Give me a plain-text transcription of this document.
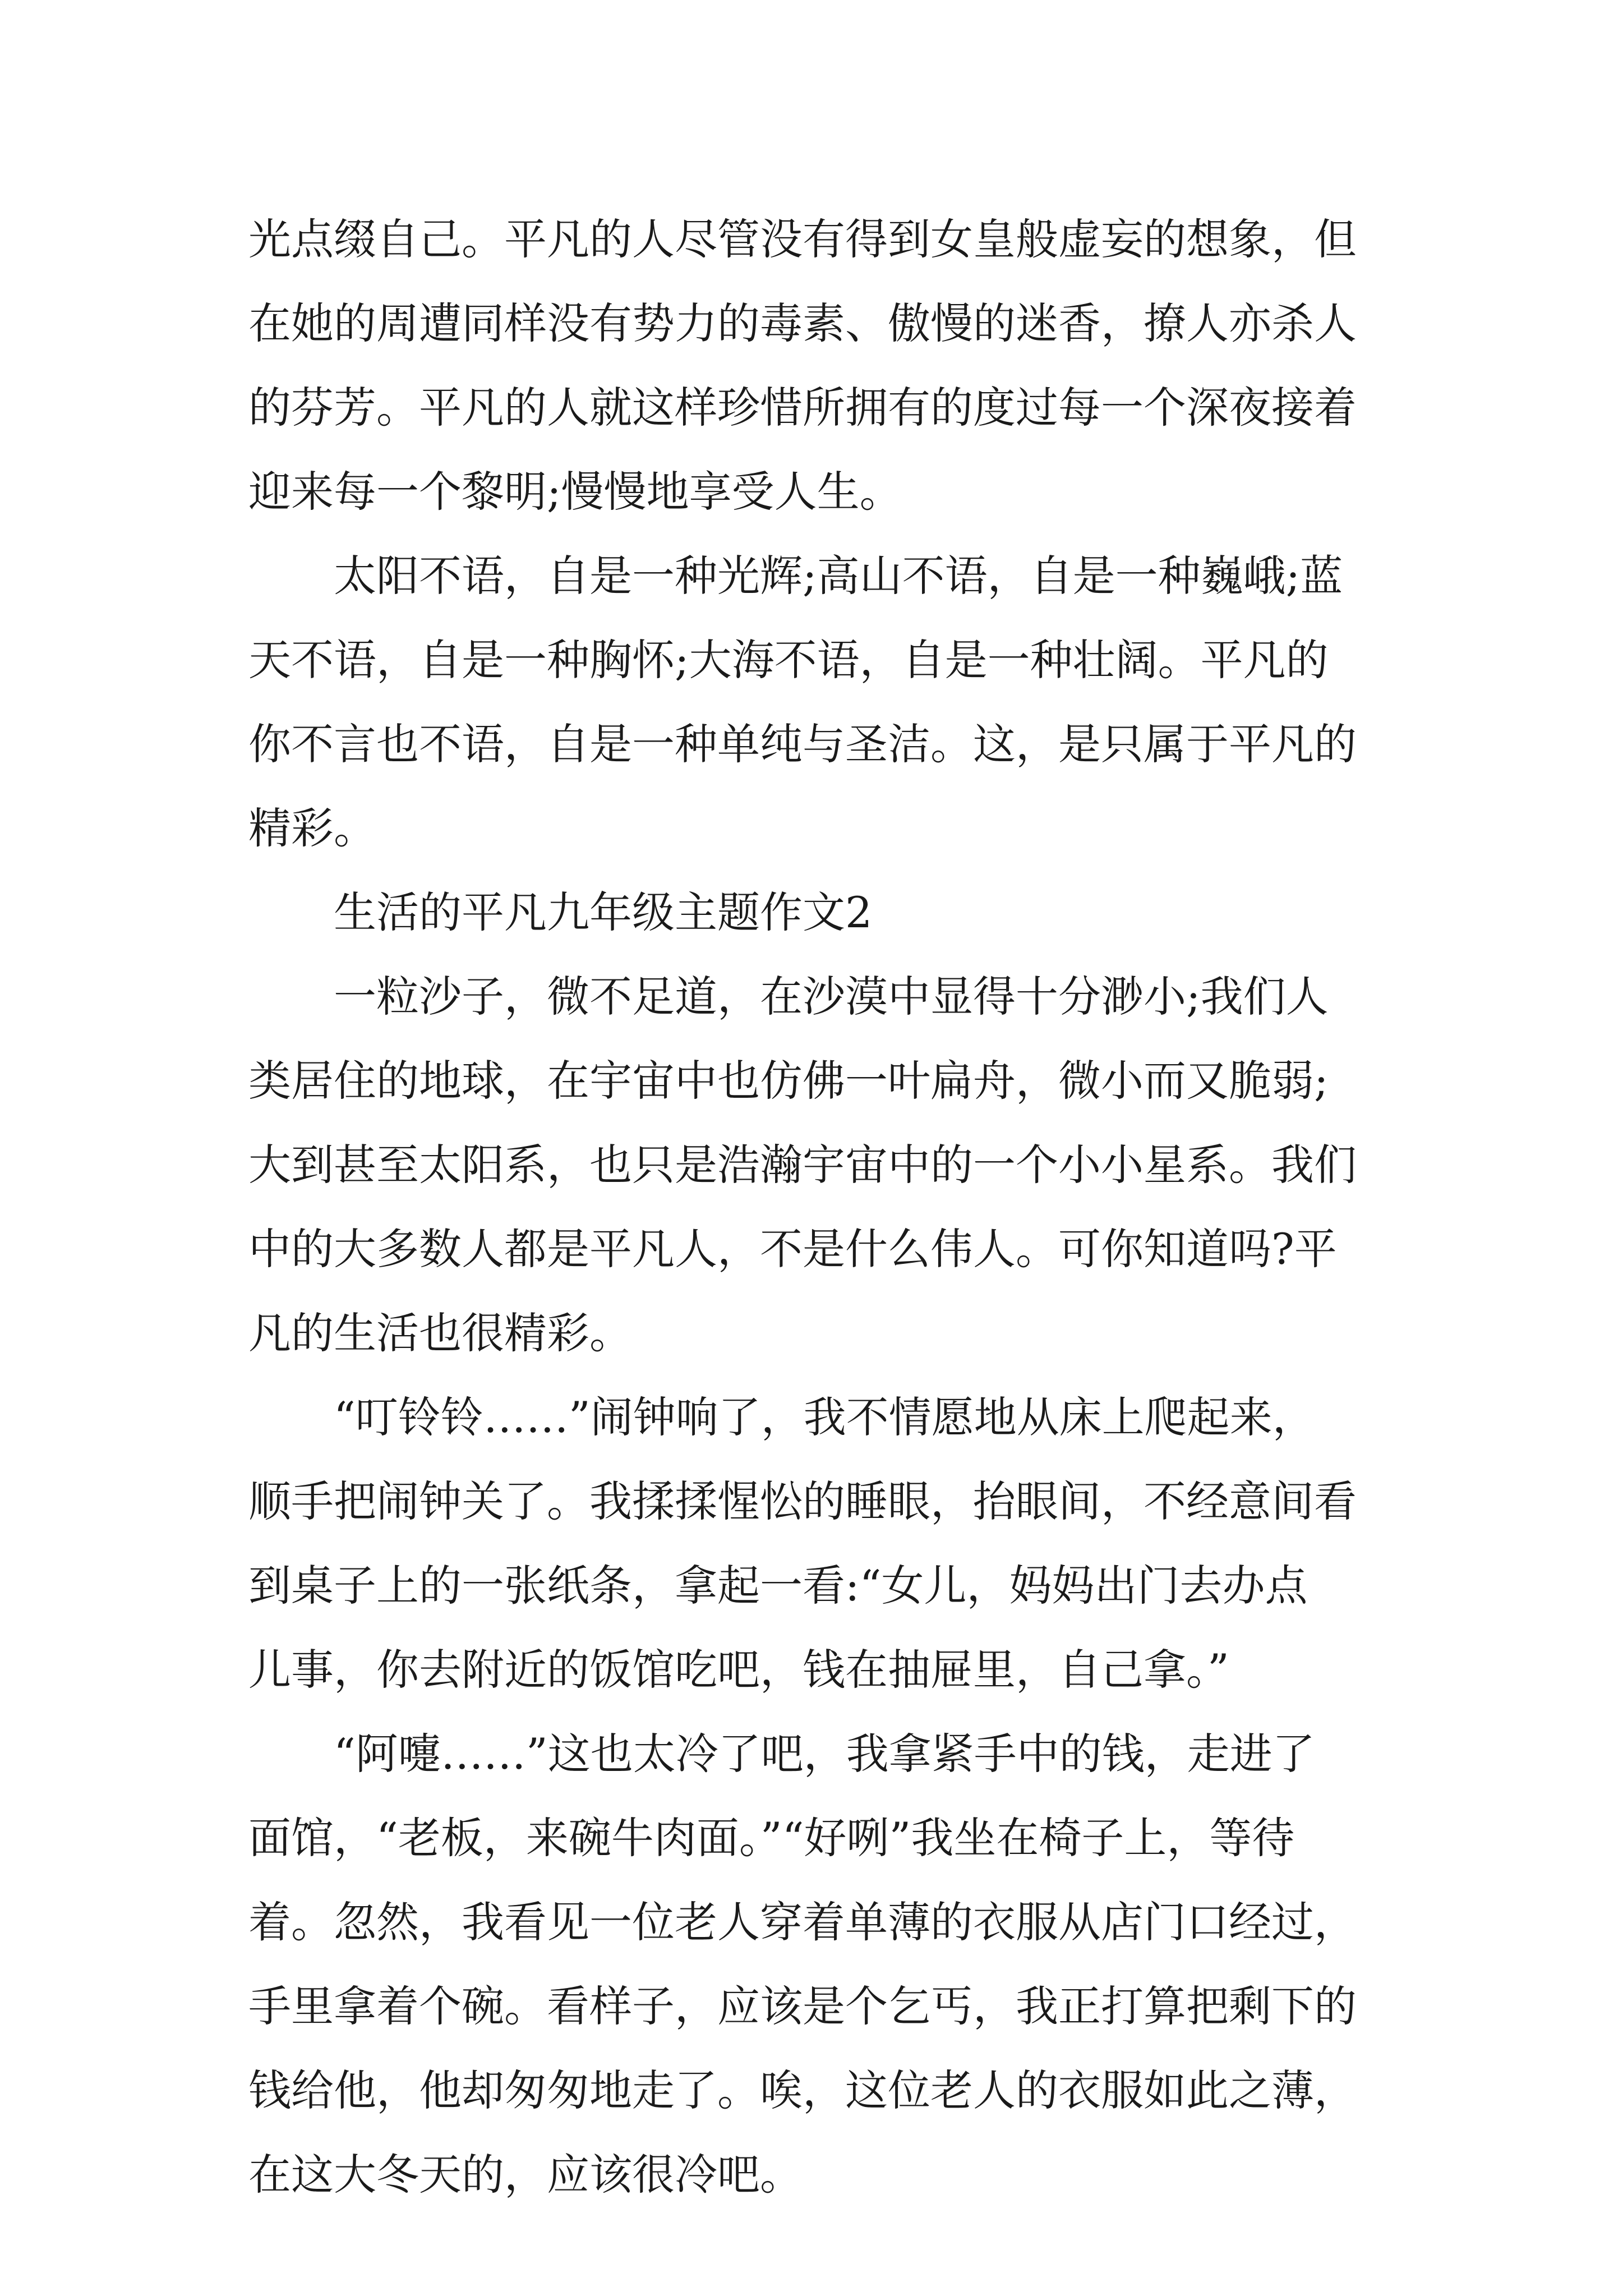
光点缀自己。平凡的人尽管没有得到女皇般虚妄的想象，但
在她的周遭同样没有势力的毒素、傲慢的迷香，撩人亦杀人
的芬芳。平凡的人就这样珍惜所拥有的度过每一个深夜接着
迎来每一个黎明;慢慢地享受人生。
太阳不语，自是一种光辉;高山不语，自是一种巍峨;蓝
天不语，自是一种胸怀;大海不语，自是一种壮阔。平凡的
你不言也不语，自是一种单纯与圣洁。这，是只属于平凡的
精彩。
生活的平凡九年级主题作文2
一粒沙子，微不足道，在沙漠中显得十分渺小;我们人
类居住的地球，在宇宙中也仿佛一叶扁舟，微小而又脆弱;
大到甚至太阳系，也只是浩瀚宇宙中的一个小小星系。我们
中的大多数人都是平凡人，不是什么伟人。可你知道吗?平
凡的生活也很精彩。
“叮铃铃……”闹钟响了，我不情愿地从床上爬起来，
顺手把闹钟关了。我揉揉惺忪的睡眼，抬眼间，不经意间看
到桌子上的一张纸条，拿起一看:“女儿，妈妈出门去办点
儿事，你去附近的饭馆吃吧，钱在抽屉里，自己拿。”
“阿嚏……”这也太冷了吧，我拿紧手中的钱，走进了
面馆，“老板，来碗牛肉面。”“好咧”我坐在椅子上，等待
着。忽然，我看见一位老人穿着单薄的衣服从店门口经过，
手里拿着个碗。看样子，应该是个乞丐，我正打算把剩下的
钱给他，他却匆匆地走了。唉，这位老人的衣服如此之薄，
在这大冬天的，应该很冷吧。
